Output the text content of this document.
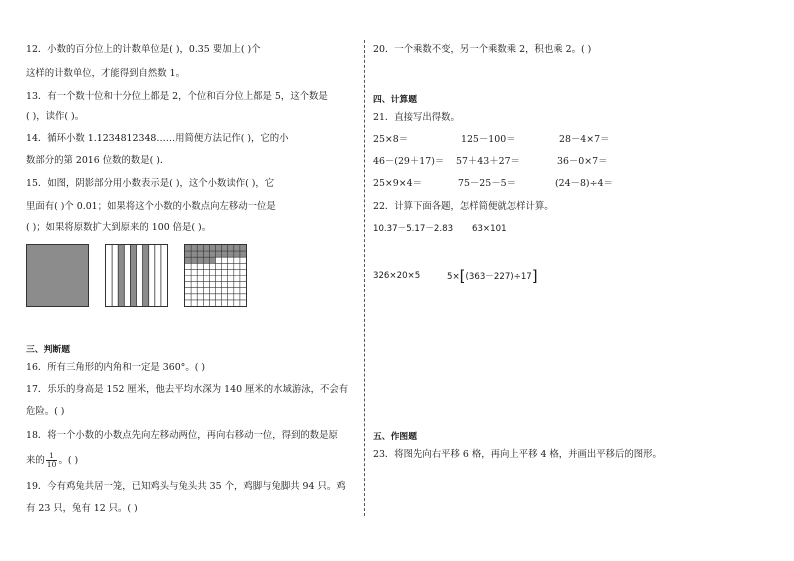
12．小数的百分位上的计数单位是( )，0.35 要加上( )个
这样的计数单位，才能得到自然数 1。
13．有一个数十位和十分位上都是 2，个位和百分位上都是 5，这个数是
( )，读作( )。
14．循环小数 1.1234812348……用简便方法记作( )，它的小
数部分的第 2016 位数的数是( )．
15．如图，阴影部分用小数表示是( )，这个小数读作( )，它
里面有( )个 0.01；如果将这个小数的小数点向左移动一位是
( )；如果将原数扩大到原来的 100 倍是( )。
三、判断题
16．所有三角形的内角和一定是 360°。( )
17．乐乐的身高是 152 厘米，他去平均水深为 140 厘米的水域游泳，不会有
危险。( )
18．将一个小数的小数点先向左移动两位，再向右移动一位，得到的数是原
来的 $\frac{1}{10}$ 。( )
19．今有鸡兔共居一笼，已知鸡头与兔头共 35 个，鸡脚与兔脚共 94 只。鸡
有 23 只，兔有 12 只。( )
20．一个乘数不变，另一个乘数乘 2，积也乘 2。( )
四、计算题
21．直接写出得数。
25×8＝	125－100＝	28－4×7＝
46－(29＋17)＝ 57＋43＋27＝	36－0×7＝
25×9×4＝	75－25－5＝	(24－8)÷4＝
22．计算下面各题，怎样简便就怎样计算。
10.37－5.17－2.83 63×101
326×20×5	5×[(363－227)÷17]
五、作图题
23．将图先向右平移 6 格，再向上平移 4 格，并画出平移后的图形。
